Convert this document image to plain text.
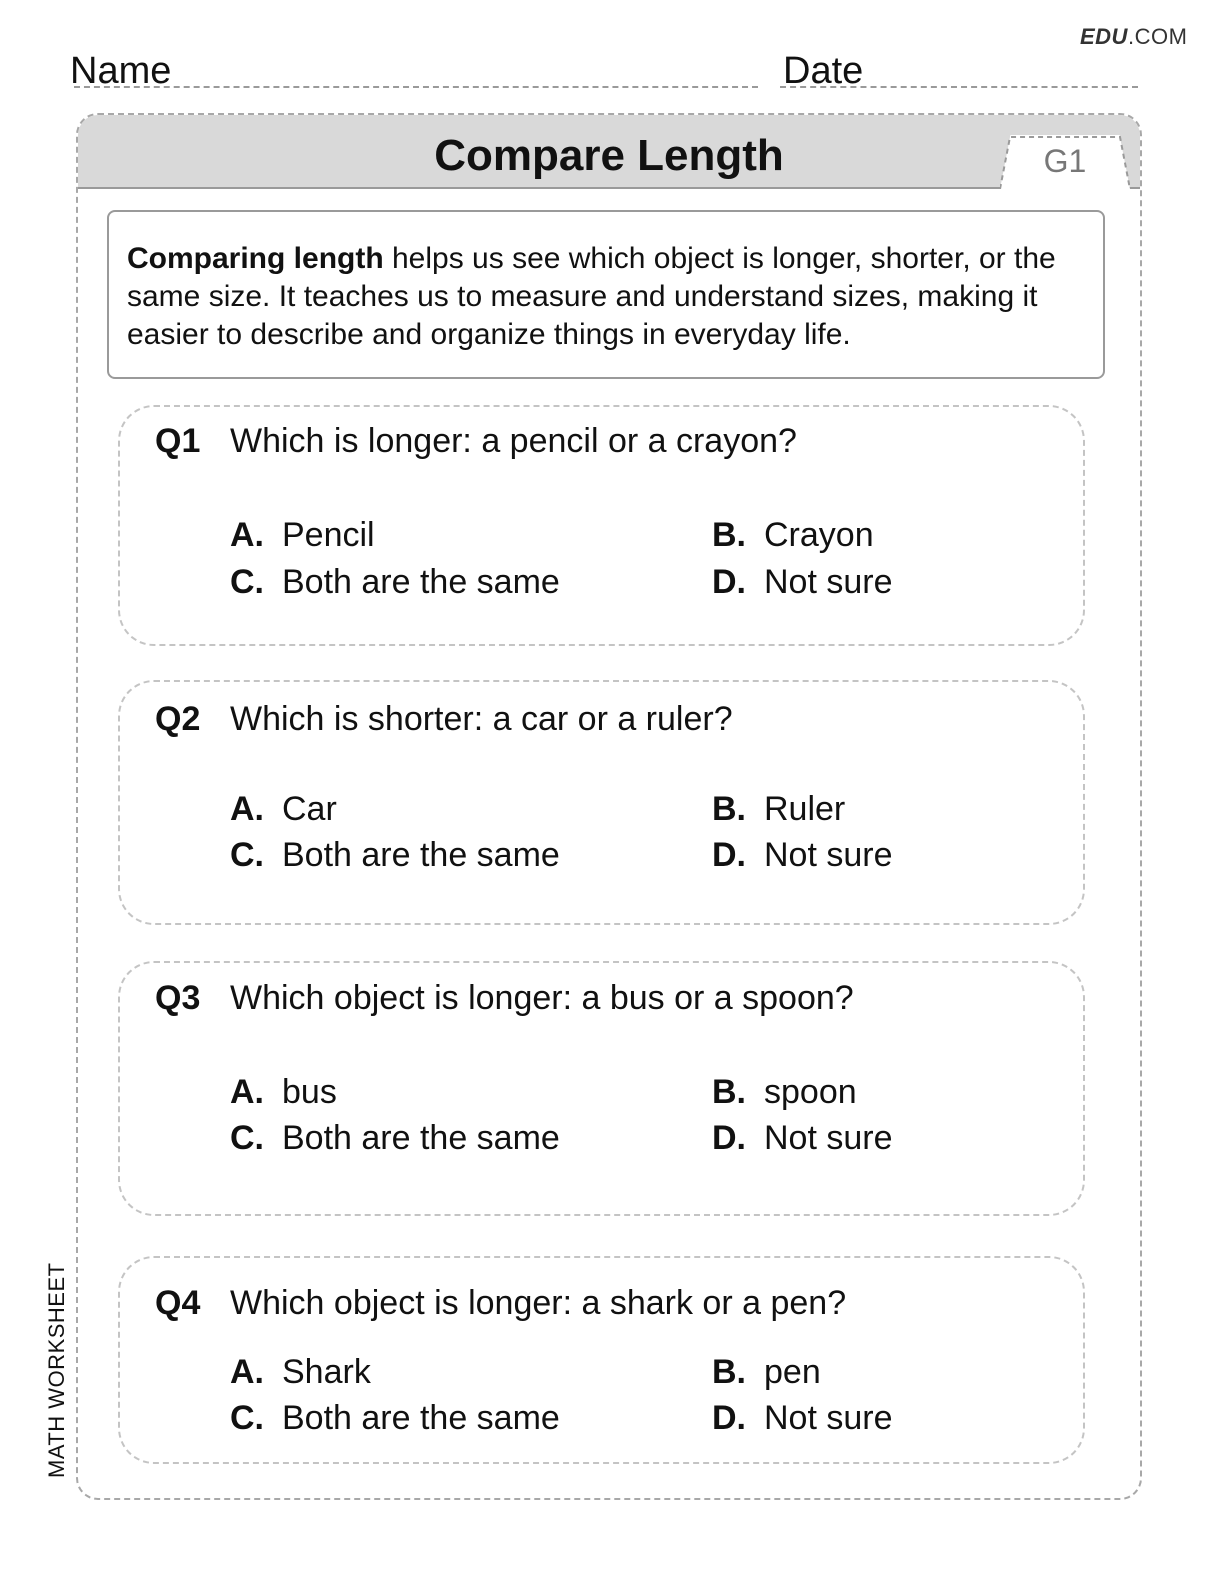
EDU.COM
Name	Date
Compare Length	G1
Comparing length helps us see which object is longer, shorter, or the same size. It teaches us to measure and understand sizes, making it easier to describe and organize things in everyday life.
Q1 Which is longer: a pencil or a crayon?
A. Pencil	B. Crayon
C. Both are the same	D. Not sure
Q2 Which is shorter: a car or a ruler?
A. Car	B. Ruler
C. Both are the same	D. Not sure
Q3 Which object is longer: a bus or a spoon?
A. bus	B. spoon
C. Both are the same	D. Not sure
Q4 Which object is longer: a shark or a pen?
A. Shark	B. pen
C. Both are the same	D. Not sure
MATH WORKSHEET
